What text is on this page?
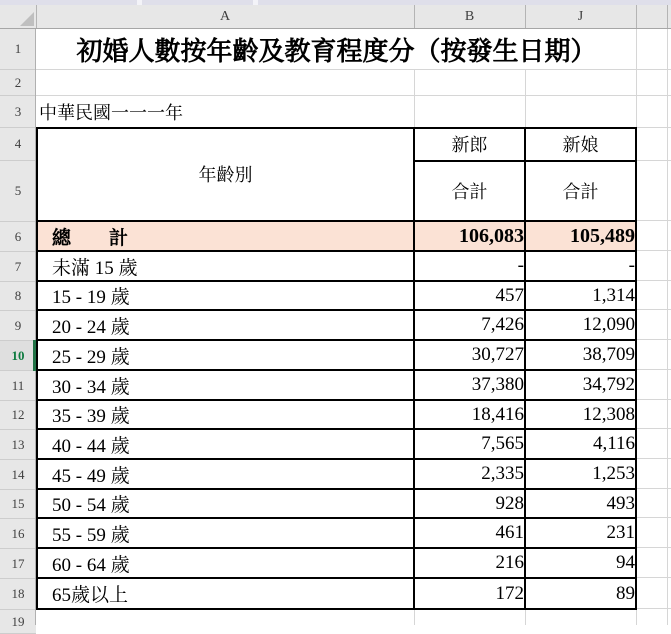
A	B	J
1
2
3
4
5
6
7
8
9
10
11
12
13
14
15
16
17
18
19
初婚人數按年齡及教育程度分（按發生日期）
中華民國一一一年
年齡別
新郎	新娘
合計	合計
總　　計	106,083	105,489
未滿 15 歲	-	-
15 - 19 歲	457	1,314
20 - 24 歲	7,426	12,090
25 - 29 歲	30,727	38,709
30 - 34 歲	37,380	34,792
35 - 39 歲	18,416	12,308
40 - 44 歲	7,565	4,116
45 - 49 歲	2,335	1,253
50 - 54 歲	928	493
55 - 59 歲	461	231
60 - 64 歲	216	94
65歲以上	172	89
